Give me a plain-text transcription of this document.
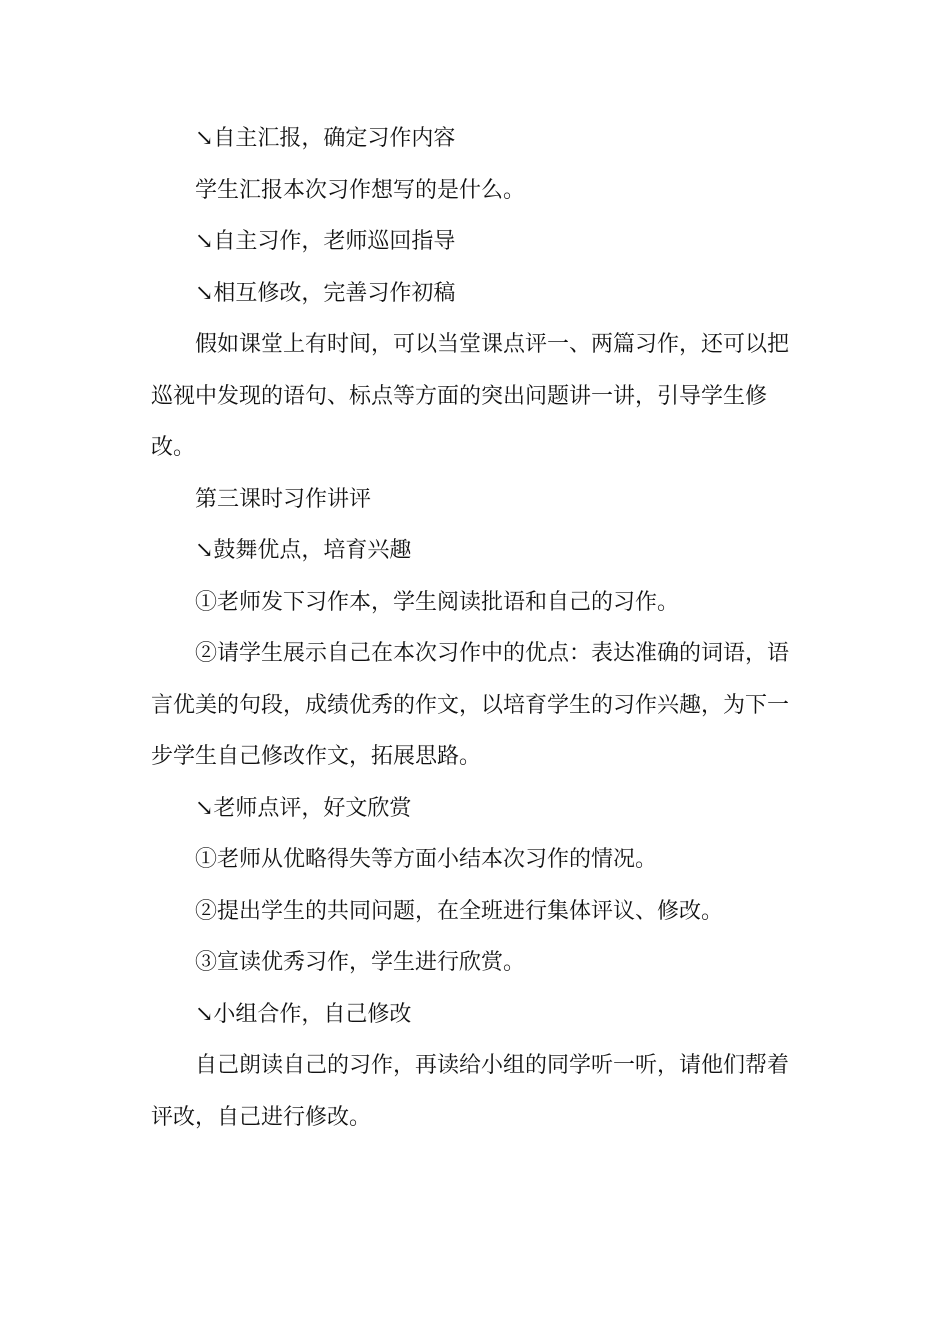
↘自主汇报，确定习作内容

学生汇报本次习作想写的是什么。

↘自主习作，老师巡回指导

↘相互修改，完善习作初稿

假如课堂上有时间，可以当堂课点评一、两篇习作，还可以把巡视中发现的语句、标点等方面的突出问题讲一讲，引导学生修改。

第三课时习作讲评

↘鼓舞优点，培育兴趣

①老师发下习作本，学生阅读批语和自己的习作。

②请学生展示自己在本次习作中的优点：表达准确的词语，语言优美的句段，成绩优秀的作文，以培育学生的习作兴趣，为下一步学生自己修改作文，拓展思路。

↘老师点评，好文欣赏

①老师从优略得失等方面小结本次习作的情况。

②提出学生的共同问题，在全班进行集体评议、修改。

③宣读优秀习作，学生进行欣赏。

↘小组合作，自己修改

自己朗读自己的习作，再读给小组的同学听一听，请他们帮着评改，自己进行修改。
